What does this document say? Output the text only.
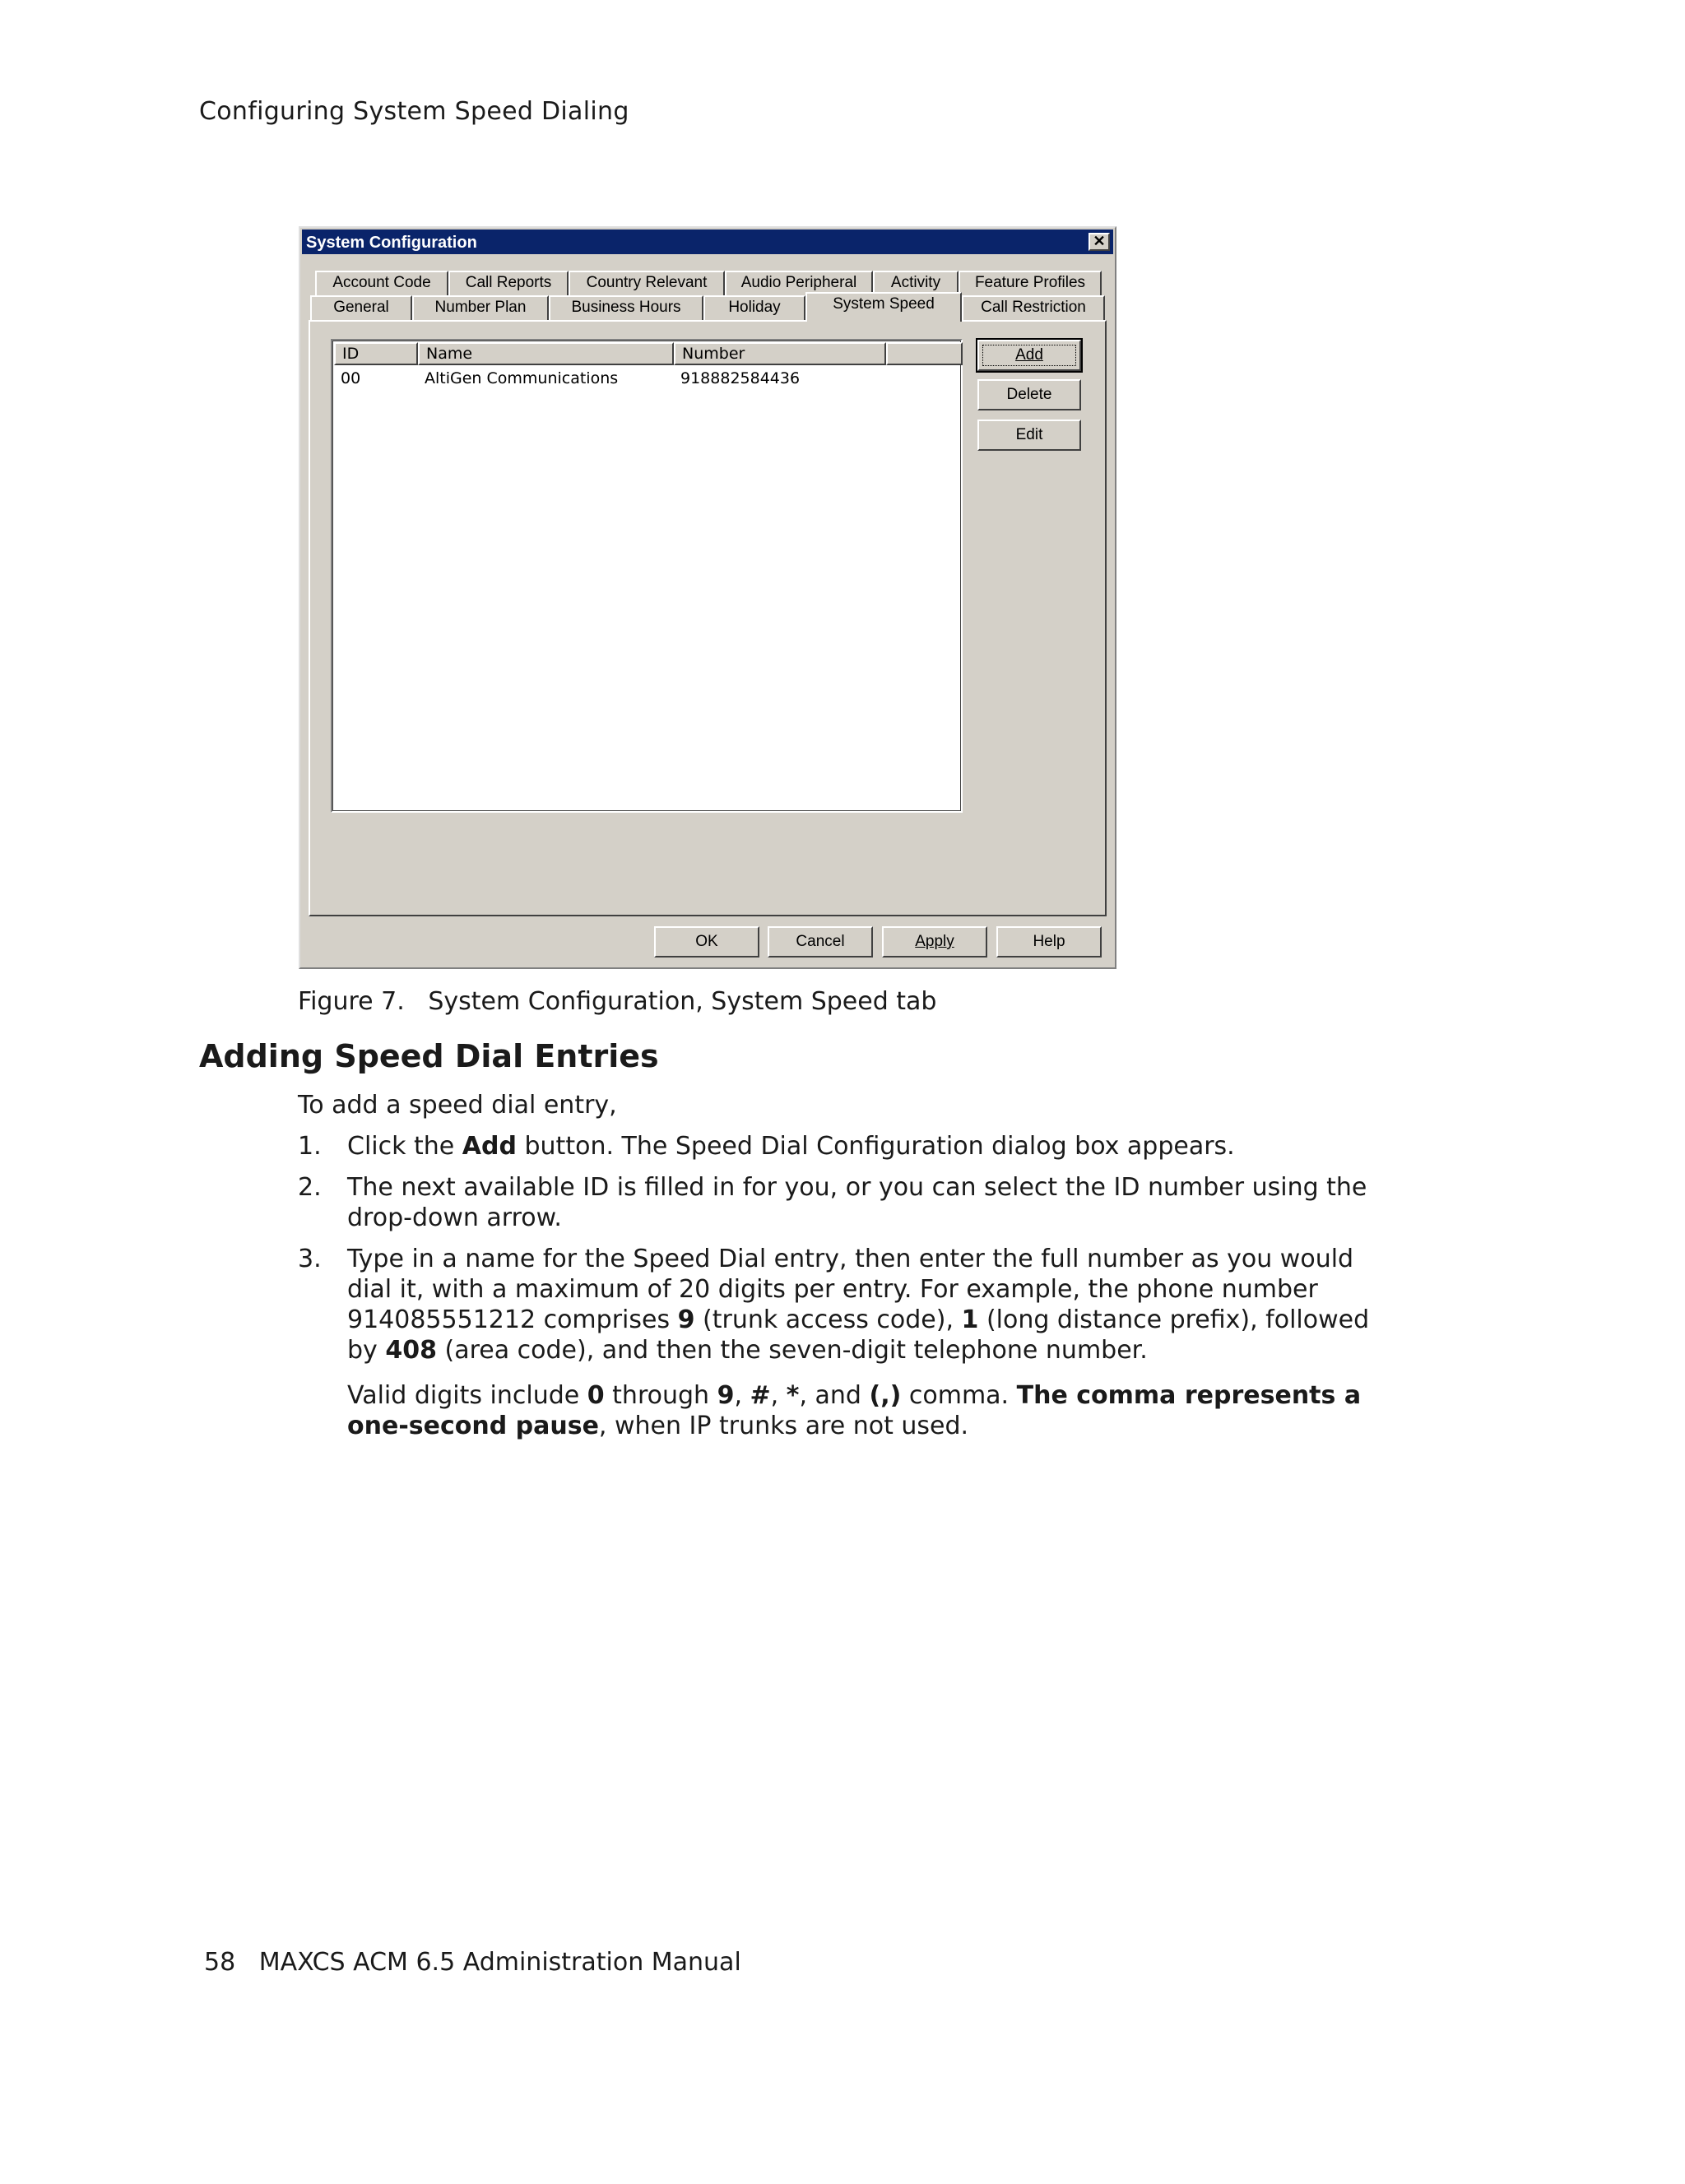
Configuring System Speed Dialing
System Configuration	✕
Account Code	Call Reports	Country Relevant	Audio Peripheral	Activity	Feature Profiles
General	Number Plan	Business Hours	Holiday	System Speed	Call Restriction
Add
Delete
Edit
OK	Cancel	Apply	Help
ID	Name	Number
00	AltiGen Communications	918882584436
Figure 7.   System Configuration, System Speed tab
Adding Speed Dial Entries
To add a speed dial entry,
1. Click the Add button. The Speed Dial Configuration dialog box appears.
2. The next available ID is filled in for you, or you can select the ID number using the drop-down arrow.
3. Type in a name for the Speed Dial entry, then enter the full number as you would dial it, with a maximum of 20 digits per entry. For example, the phone number 914085551212 comprises 9 (trunk access code), 1 (long distance prefix), followed by 408 (area code), and then the seven-digit telephone number.
Valid digits include 0 through 9, #, *, and (,) comma. The comma represents a one-second pause, when IP trunks are not used.
58 MAXCS ACM 6.5 Administration Manual
